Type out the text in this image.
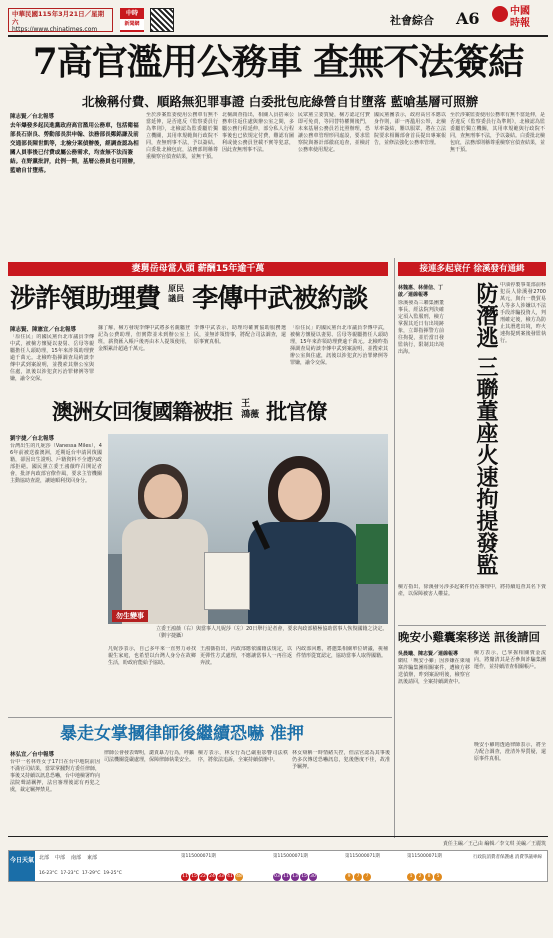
中華民國115年3月21日／星期六
https://www.chinatimes.com
中時
新聞網	社會綜合 A6	中國
時報
7高官濫用公務車 查無不法簽結
北檢稱付費、順路無犯罪事證 白委批包庇綠營自甘墮落 藍嗆基層可照辦
陳志賢／台北報導
去年爆發多起民進黨政府高官濫用公務車，包括衛福部長石崇良、勞動部長洪申翰、法務部長鄭銘謙及前交通部長陳世凱等，北檢分案偵辦後，經調查認為相關人員事後已付費或屬公務需求，均查無不法而簽結。在野黨批評，此例一開，基層公務員也可照辦，藍嗆自甘墮落。
至於涉案監委使用公務車有無不當延伸，是否違反《監察委員行為準則》，北檢認為監委屬於獨立機關，其用車規範與行政院不同，查無刑事不法，予以簽結。白委批北檢包庇，法務部則稱尊重檢察官偵查結果，並無干預。
北檢調查指出，相關人員搭乘公務車往返住處與辦公室之間，多屬公務行程延伸，部分私人行程事後也已依規定付費，難認有圖利或使公務員登載不實等犯意，因此查無刑事不法。
民眾黨立委質疑，檢方認定付費即可免責，等同替特權開後門，未來基層公務員若比照辦理，恐讓公務車管理形同虛設，要求監察院與審計部徹底追查，並檢討公務車使用規定。
國民黨團表示，政府高官本應以身作則，卻一再濫用公帑，北檢草率簽結，難以服眾，將在立法院要求相關部會首長提出專案報告，並修法強化公務車管理。
至於涉案監委使用公務車有無不當延伸，是否違反《監察委員行為準則》，北檢認為監委屬於獨立機關，其用車規範與行政院不同，查無刑事不法，予以簽結。白委批北檢包庇，法務部則稱尊重檢察官偵查結果，並無干預。
妻舅岳母當人頭 薪酬15年逾千萬
涉詐領助理費 原民
議員 李傳中武被約談
陳志賢、陳憲宜／台北報導
「原住民」的國民黨台北市議員李傳中武，被檢方懷疑以妻舅、岳母等親屬擔任人頭助理，15年來詐領助理費逾千萬元。北檢昨指揮調查局約談李傳中武到案說明，並搜索其辦公室與住處，訊後以涉犯貪污治罪條例等罪嫌，諭令交保。
據了解，檢方發現李傳中武將多名親屬登記為公費助理，但實際並未到辦公室上班，薪資匯入帳戶後再由本人提領使用，金額累計超過千萬元。
李傳中武表示，助理均確實協助服務選民，並無詐領情事，將配合司法調查，還原事實真相。
「原住民」的國民黨台北市議員李傳中武，被檢方懷疑以妻舅、岳母等親屬擔任人頭助理，15年來詐領助理費逾千萬元。北檢昨指揮調查局約談李傳中武到案說明，並搜索其辦公室與住處，訊後以涉犯貪污治罪條例等罪嫌，諭令交保。
澳洲女回復國籍被拒 王
鴻薇 批官僚
劉宇捷／台北報導
台灣出生的凡妮莎（Vanessa Miles），46年前被送養澳洲，近期返台申請回復國籍，卻因出生證明、戶籍資料不全遭內政部拒絕。國民黨立委王鴻薇昨召開記者會，批評內政部官僚作風，要求主管機關主動協助查證，讓她順利找回身分。
勿生變事
立委王鴻薇（右）與當事人凡妮莎（左）20日舉行記者會，要求內政部積極協助當事人恢復國籍之決定。（劉宇捷攝）
凡妮莎表示，自己多年來一直努力尋找親生家庭，也希望以台灣人身分在故鄉生活，盼政府能給予協助。
王鴻薇指出，內政部應依國籍法規定，以更彈性方式處理，不應讓當事人一再往返奔波。
內政部回應，將邀集相關單位研議，視補件情形從寬認定，協助當事人取得國籍。
暴走女掌摑律師後繼續恐嚇 准押
林弘宜／台中報導
台中一名林姓女子17日在台中地院前因不滿官司結果，當眾掌摑對方委任律師，事後又持續以訊息恐嚇，台中地檢署昨向法院聲請羈押，法官審理後認有再犯之虞，裁定羈押禁見。
律師公會發表聲明，譴責暴力行為，呼籲司法機關從嚴處理，保障律師執業安全。
檢方表示，林女行為已嚴重影響司法秩序，將依法追訴，全案持續偵辦中。
林女辯稱一時情緒失控，但法官認為其事後仍多次傳送恐嚇訊息，犯後態度不佳，故准予羈押。
接連多起衰仔 徐溪發有通緝
防潛逃 三聯董座火速拘提發監
林魏惠、林倩信、丁啟／連線報導
徐溪發為三聯集團董事長，經法院判決確定須入監服刑，檢方掌握其近日有出境跡象，立即指揮警方前往拘提，並於當日發監執行，限制其出境出海。
中油停製事業部前科犯長人徐溪發2700萬元，與台一農貿易人等多人涉嫌以不法手段詐騙投資人，判刑確定後，檢方為防止其潛逃出境，昨火速拘提到案後發監執行。
檢方指出，徐溪發另涉多起案件仍在審理中，將持續追查其名下資產，以保障被害人權益。
晚安小雞囊案移送 訊後請回
吳晨曦、陳志賢／連線報導
網紅「晚安小雞」因涉嫌在柬埔寨詐騙集團相關案件，遭檢方移送偵辦，昨到案說明後，檢察官訊後請回，全案持續調查中。
檢方表示，已掌握相關資金流向，將釐清其是否參與詐騙集團運作，並持續清查相關帳戶。
晚安小雞則透過律師表示，將全力配合調查，澄清外界質疑，還原事件真相。
責任主編／王己由 編輯／李文琪 美編／王麗筑
今日天氣 北部 中部 南部 東部
16-23°C 17-23°C 17-29°C 19-25°C
第115000071期
11 15 22 24 33 41 48
第115000071期
03 11 13 15 30
第115000071期
9 7 7
第115000071期
1 2 8 5
行政院消費者保護處 消費爭議專線
